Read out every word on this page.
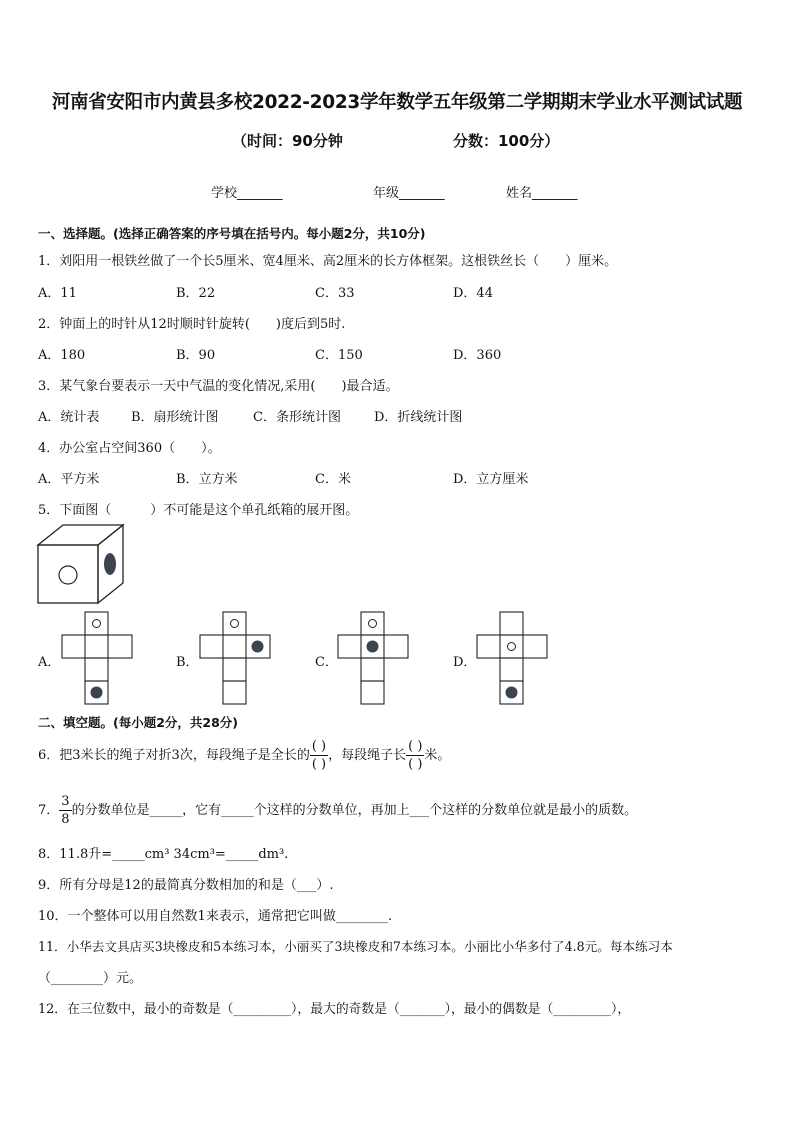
河南省安阳市内黄县多校2022-2023学年数学五年级第二学期期末学业水平测试试题
（时间：90分钟	分数：100分）
学校_______	年级_______	姓名_______
一、选择题。(选择正确答案的序号填在括号内。每小题2分，共10分)
1．刘阳用一根铁丝做了一个长5厘米、宽4厘米、高2厘米的长方体框架。这根铁丝长（　　）厘米。
A．11	B．22	C．33	D．44
2．钟面上的时针从12时顺时针旋转(　　)度后到5时.
A．180	B．90	C．150	D．360
3．某气象台要表示一天中气温的变化情况,采用(　　)最合适。
A．统计表 B．扇形统计图	C．条形统计图	D．折线统计图
4．办公室占空间360（　　）。
A．平方米	B．立方米	C．米	D．立方厘米
5．下面图（　　　）不可能是这个单孔纸箱的展开图。
A．	B．	C．	D．
二、填空题。(每小题2分，共28分)
6．把3米长的绳子对折3次，每段绳子是全长的 $\frac{( )}{( )}$ ，每段绳子长 $\frac{( )}{( )}$ 米。
7． $\frac{3}{8}$ 的分数单位是_____，它有_____个这样的分数单位，再加上___个这样的分数单位就是最小的质数。
8．11.8升=_____cm³ 34cm³=_____dm³.
9．所有分母是12的最简真分数相加的和是（___）.
10．一个整体可以用自然数1来表示，通常把它叫做________.
11．小华去文具店买3块橡皮和5本练习本，小丽买了3块橡皮和7本练习本。小丽比小华多付了4.8元。每本练习本
（________）元。
12．在三位数中，最小的奇数是（_________），最大的奇数是（_______），最小的偶数是（_________），
